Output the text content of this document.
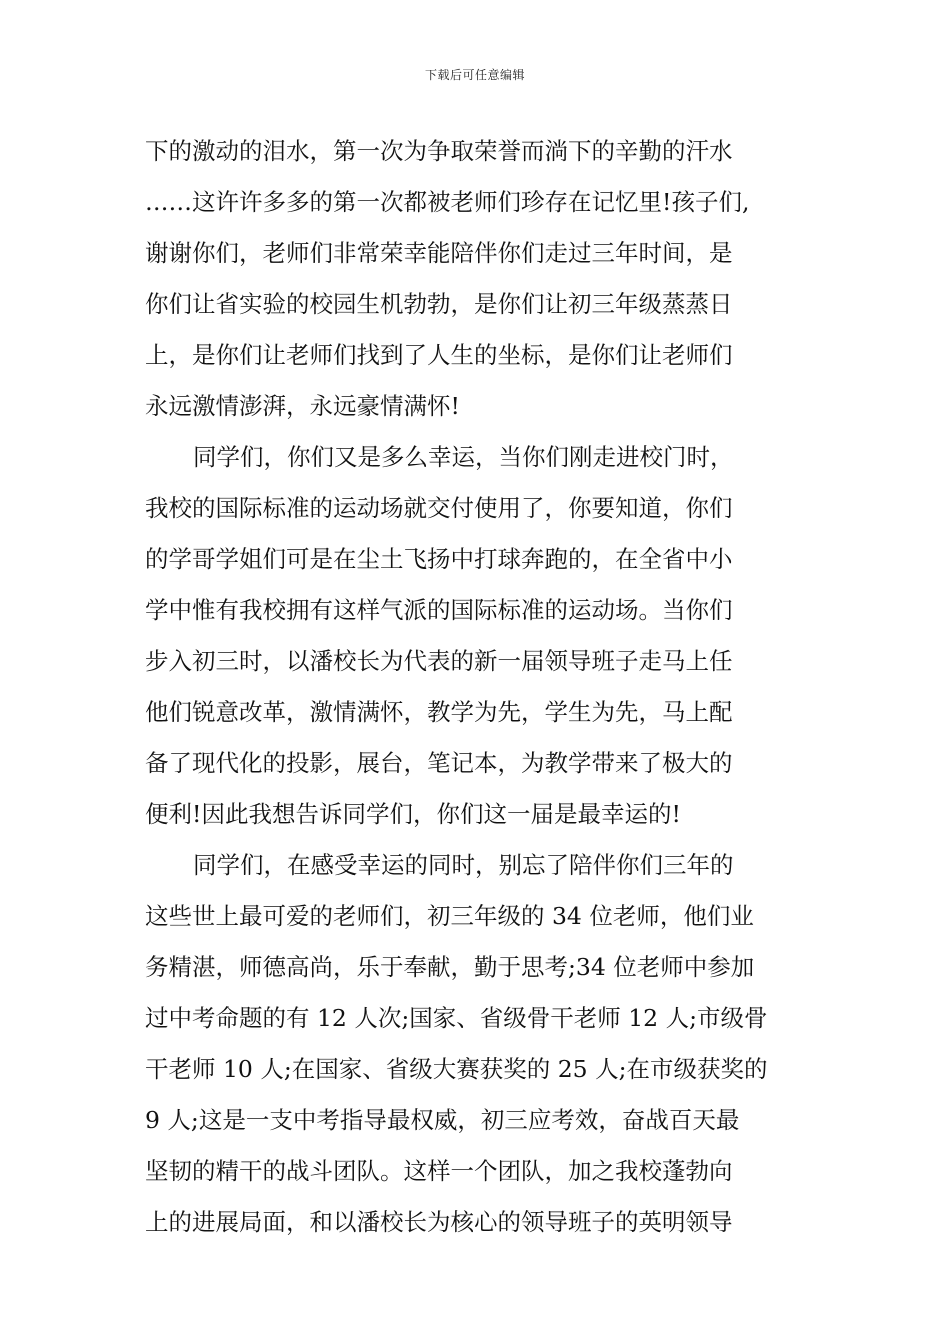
下载后可任意编辑
下的激动的泪水，第一次为争取荣誉而淌下的辛勤的汗水
……这许许多多的第一次都被老师们珍存在记忆里!孩子们,
谢谢你们，老师们非常荣幸能陪伴你们走过三年时间，是
你们让省实验的校园生机勃勃，是你们让初三年级蒸蒸日
上，是你们让老师们找到了人生的坐标，是你们让老师们
永远激情澎湃，永远豪情满怀!
同学们，你们又是多么幸运，当你们刚走进校门时，
我校的国际标准的运动场就交付使用了，你要知道，你们
的学哥学姐们可是在尘土飞扬中打球奔跑的，在全省中小
学中惟有我校拥有这样气派的国际标准的运动场。当你们
步入初三时，以潘校长为代表的新一届领导班子走马上任
他们锐意改革，激情满怀，教学为先，学生为先，马上配
备了现代化的投影，展台，笔记本，为教学带来了极大的
便利!因此我想告诉同学们，你们这一届是最幸运的!
同学们，在感受幸运的同时，别忘了陪伴你们三年的
这些世上最可爱的老师们，初三年级的 34 位老师，他们业
务精湛，师德高尚，乐于奉献，勤于思考;34 位老师中参加
过中考命题的有 12 人次;国家、省级骨干老师 12 人;市级骨
干老师 10 人;在国家、省级大赛获奖的 25 人;在市级获奖的
9 人;这是一支中考指导最权威，初三应考效，奋战百天最
坚韧的精干的战斗团队。这样一个团队，加之我校蓬勃向
上的进展局面，和以潘校长为核心的领导班子的英明领导
